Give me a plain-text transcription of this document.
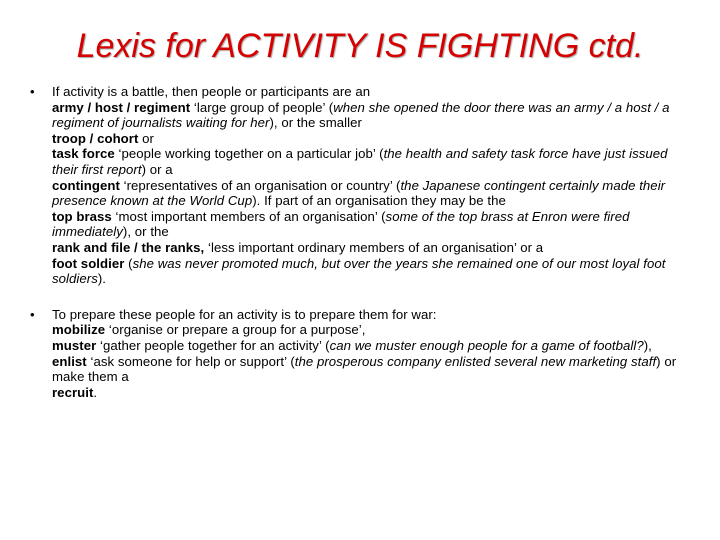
Lexis for ACTIVITY IS FIGHTING ctd.
• If activity is a battle, then people or participants are an
army / host / regiment ‘large group of people’ (when she opened the door there was an army / a host / a regiment of journalists waiting for her), or the smaller
troop / cohort or
task force ‘people working together on a particular job’ (the health and safety task force have just issued their first report) or a
contingent ‘representatives of an organisation or country’ (the Japanese contingent certainly made their presence known at the World Cup). If part of an organisation they may be the
top brass ‘most important members of an organisation’ (some of the top brass at Enron were fired immediately), or the
rank and file / the ranks, ‘less important ordinary members of an organisation’ or a
foot soldier (she was never promoted much, but over the years she remained one of our most loyal foot soldiers).
• To prepare these people for an activity is to prepare them for war:
mobilize ‘organise or prepare a group for a purpose’,
muster ‘gather people together for an activity’ (can we muster enough people for a game of football?),
enlist ‘ask someone for help or support’ (the prosperous company enlisted several new marketing staff) or make them a
recruit.
